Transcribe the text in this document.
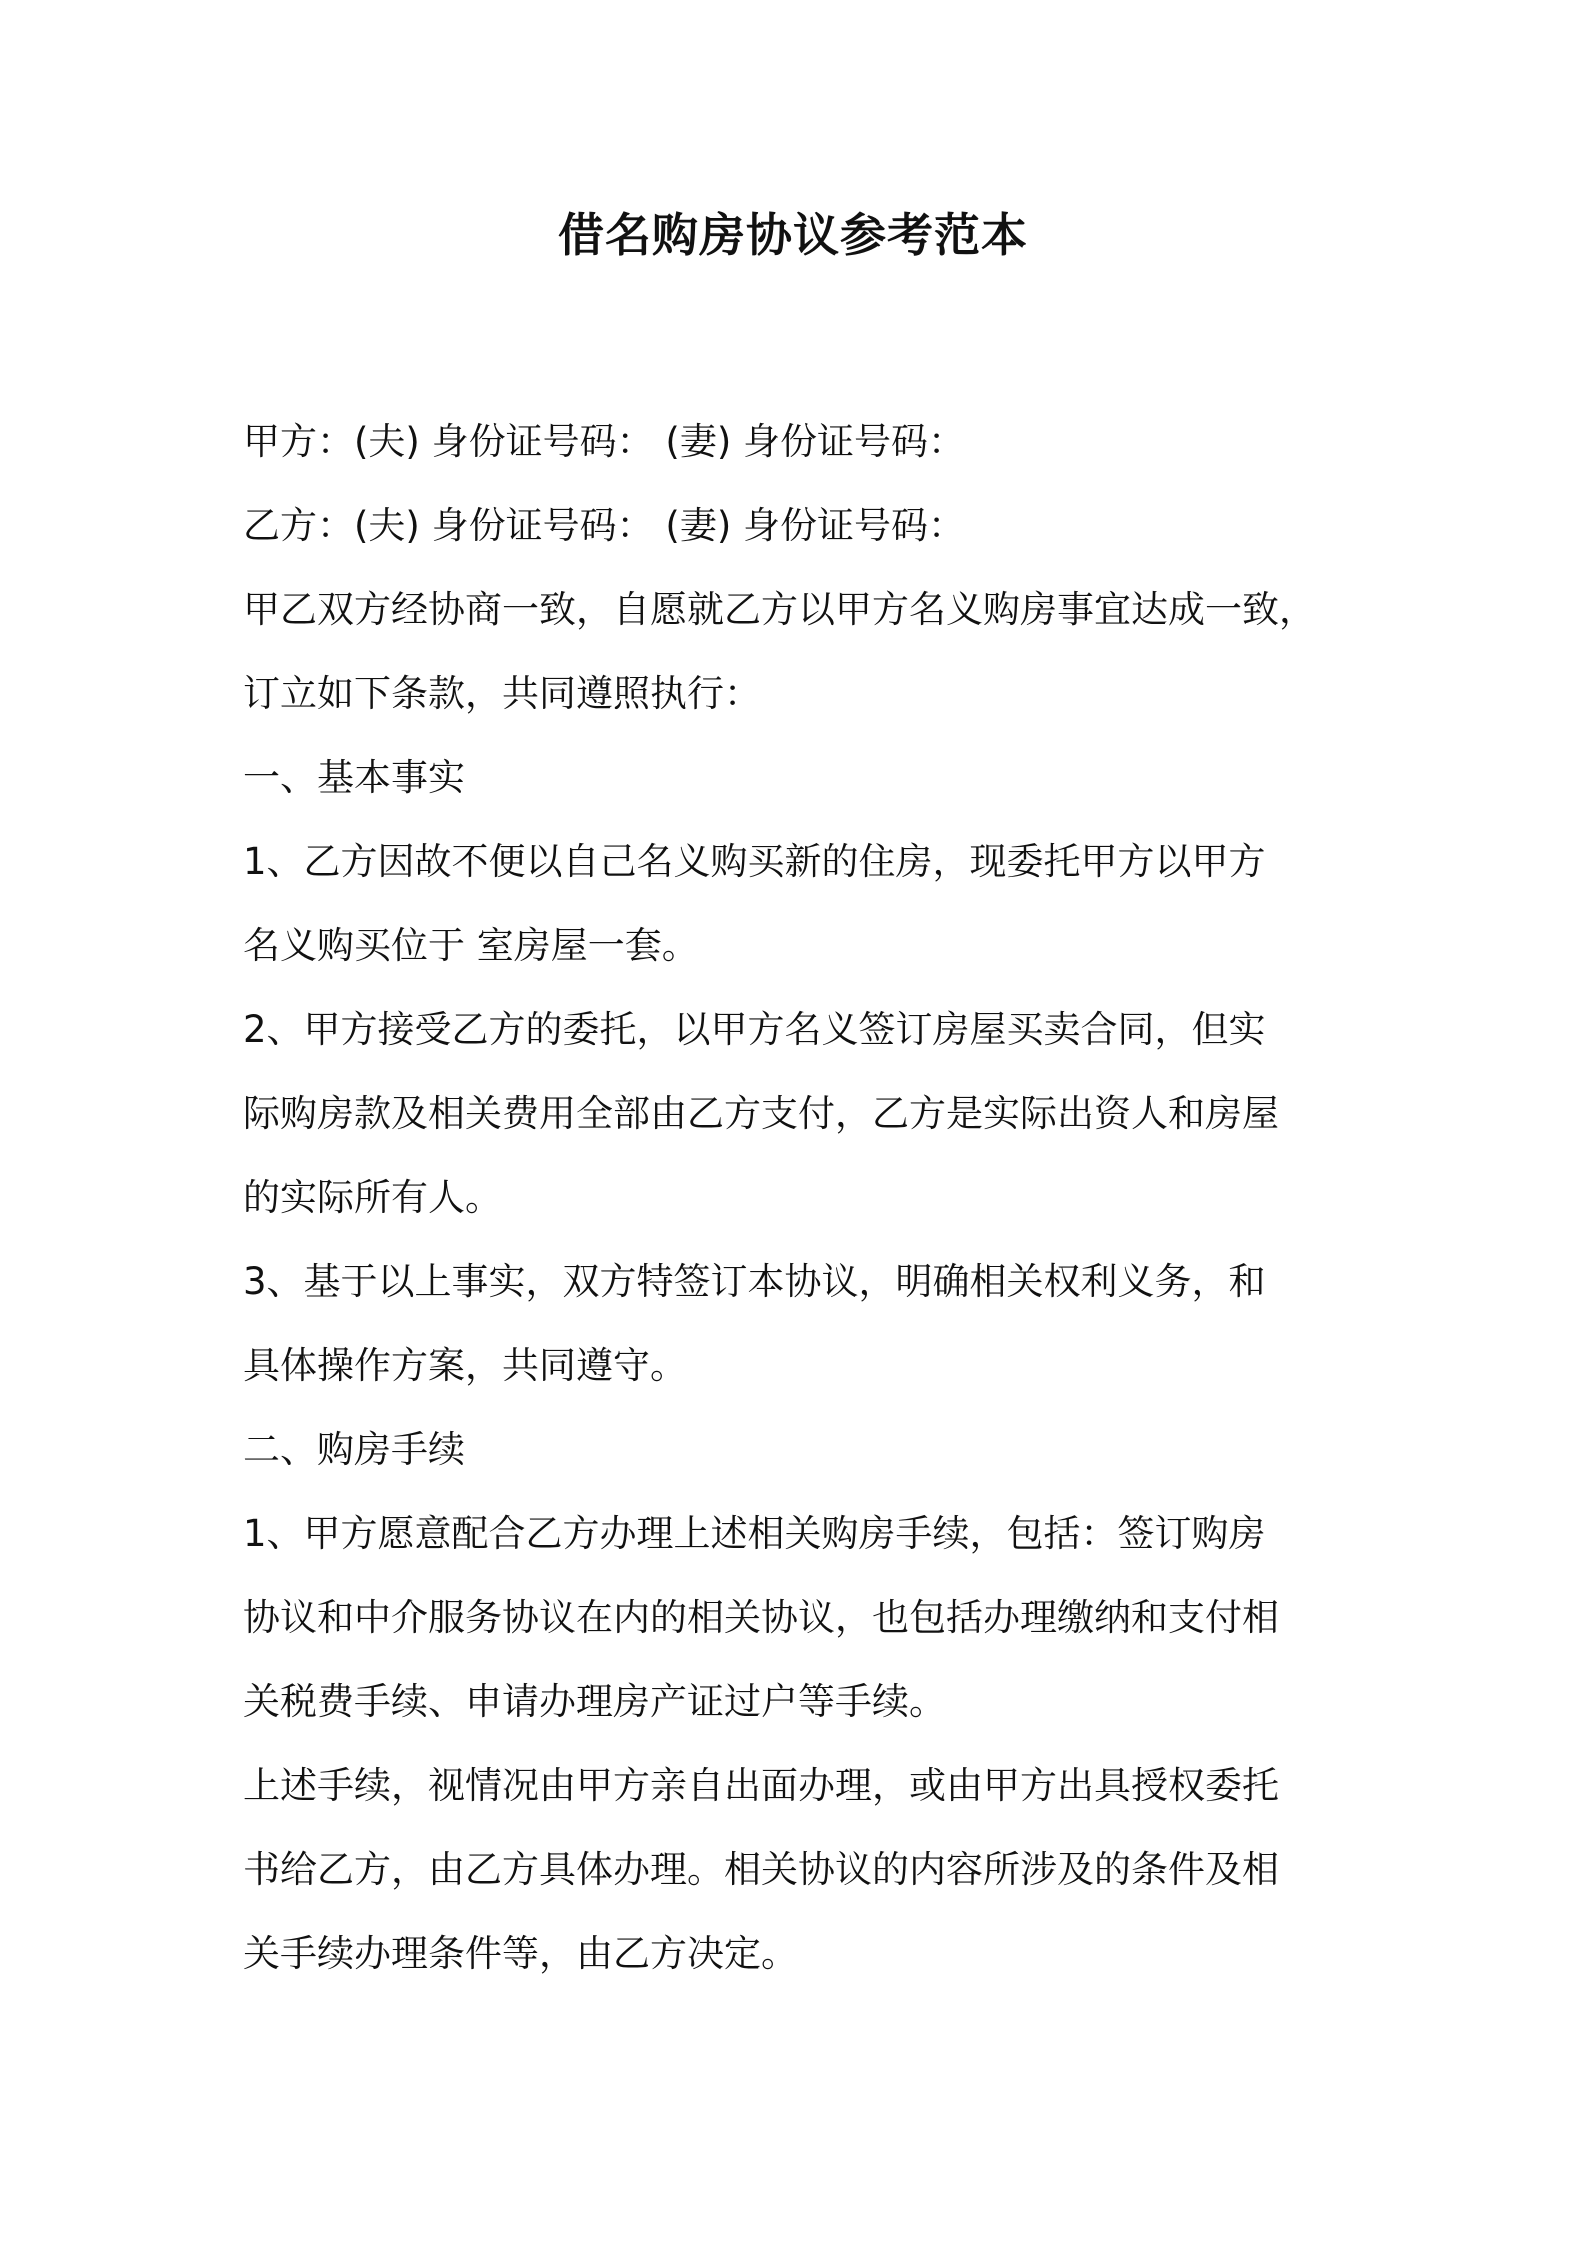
借名购房协议参考范本
甲方：(夫) 身份证号码： (妻) 身份证号码：
乙方：(夫) 身份证号码： (妻) 身份证号码：
甲乙双方经协商一致，自愿就乙方以甲方名义购房事宜达成一致，
订立如下条款，共同遵照执行：
一、基本事实
1、乙方因故不便以自己名义购买新的住房，现委托甲方以甲方
名义购买位于 室房屋一套。
2、甲方接受乙方的委托，以甲方名义签订房屋买卖合同，但实
际购房款及相关费用全部由乙方支付，乙方是实际出资人和房屋
的实际所有人。
3、基于以上事实，双方特签订本协议，明确相关权利义务，和
具体操作方案，共同遵守。
二、购房手续
1、甲方愿意配合乙方办理上述相关购房手续，包括：签订购房
协议和中介服务协议在内的相关协议，也包括办理缴纳和支付相
关税费手续、申请办理房产证过户等手续。
上述手续，视情况由甲方亲自出面办理，或由甲方出具授权委托
书给乙方，由乙方具体办理。相关协议的内容所涉及的条件及相
关手续办理条件等，由乙方决定。
